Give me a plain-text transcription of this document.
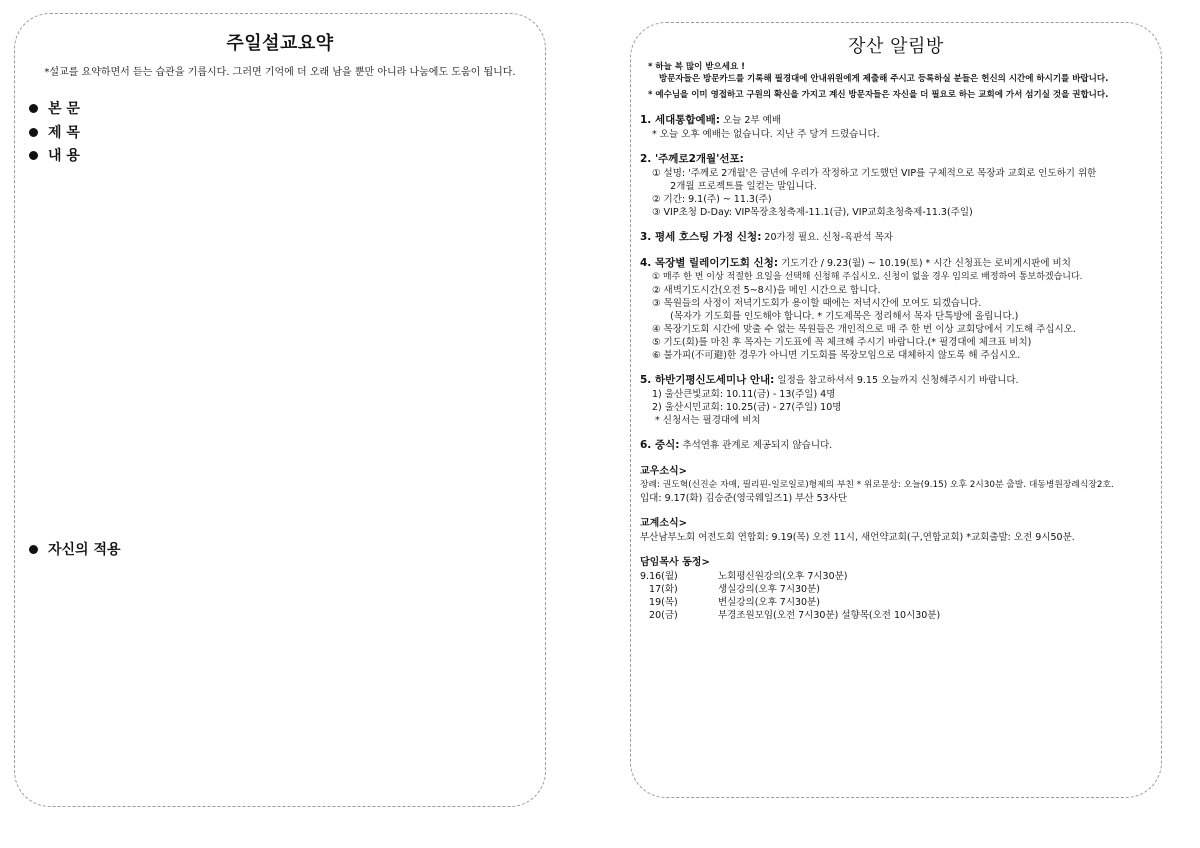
주일설교요약
*설교를 요약하면서 듣는 습관을 기릅시다. 그러면 기억에 더 오래 남을 뿐만 아니라 나눔에도 도움이 됩니다.
본 문
제 목
내 용
자신의 적용
장산 알림방
* 하늘 복 많이 받으세요 !
방문자들은 방문카드를 기록해 필경대에 안내위원에게 제출해 주시고 등록하실 분들은 헌신의 시간에 하시기를 바랍니다.
* 예수님을 이미 영접하고 구원의 확신을 가지고 계신 방문자들은 자신을 더 필요로 하는 교회에 가서 섬기실 것을 권합니다.
1. 세대통합예배: 오늘 2부 예배
* 오늘 오후 예배는 없습니다. 지난 주 당겨 드렸습니다.
2. '주께로2개월'선포:
① 설명: '주께로 2개월'은 금년에 우리가 작정하고 기도했던 VIP를 구체적으로 목장과 교회로 인도하기 위한
2개월 프로젝트를 일컫는 말입니다.
② 기간: 9.1(주) ~ 11.3(주)
③ VIP초청 D-Day: VIP목장초청축제-11.1(금), VIP교회초청축제-11.3(주일)
3. 평세 호스팅 가정 신청: 20가정 필요. 신청-육판석 목자
4. 목장별 릴레이기도회 신청: 기도기간 / 9.23(월) ~ 10.19(토) * 시간 신청표는 로비게시판에 비치
① 매주 한 번 이상 적절한 요일을 선택해 신청해 주십시오. 신청이 없을 경우 임의로 배정하여 통보하겠습니다.
② 새벽기도시간(오전 5~8시)을 메인 시간으로 합니다.
③ 목원들의 사정이 저녁기도회가 용이할 때에는 저녁시간에 모여도 되겠습니다.
(목자가 기도회를 인도해야 합니다. * 기도제목은 정리해서 목자 단톡방에 올립니다.)
④ 목장기도회 시간에 맞출 수 없는 목원들은 개인적으로 매 주 한 번 이상 교회당에서 기도해 주십시오.
⑤ 기도(회)를 마친 후 목자는 기도표에 꼭 체크해 주시기 바랍니다.(* 필경대에 체크표 비치)
⑥ 불가피(不可避)한 경우가 아니면 기도회를 목장모임으로 대체하지 않도록 해 주십시오.
5. 하반기평신도세미나 안내: 일정을 참고하셔서 9.15 오늘까지 신청해주시기 바랍니다.
1) 울산큰빛교회: 10.11(금) - 13(주일) 4명
2) 울산시민교회: 10.25(금) - 27(주일) 10명
* 신청서는 필경대에 비치
6. 중식: 추석연휴 관계로 제공되지 않습니다.
교우소식>
장례: 권도혁(신진순 자매, 필리핀-일로일로)형제의 부친 * 위로문상: 오늘(9.15) 오후 2시30분 출발. 대동병원장례식장2호.
입대: 9.17(화) 김승준(영국웨일즈1) 부산 53사단
교계소식>
부산남부노회 여전도회 연합회: 9.19(목) 오전 11시, 새언약교회(구,연합교회) *교회출발: 오전 9시50분.
담임목사 동정>
9.16(월)	노회평신원강의(오후 7시30분)
17(화)	생실강의(오후 7시30분)
19(목)	변실강의(오후 7시30분)
20(금)	부경조원모임(오전 7시30분) 설향목(오전 10시30분)
